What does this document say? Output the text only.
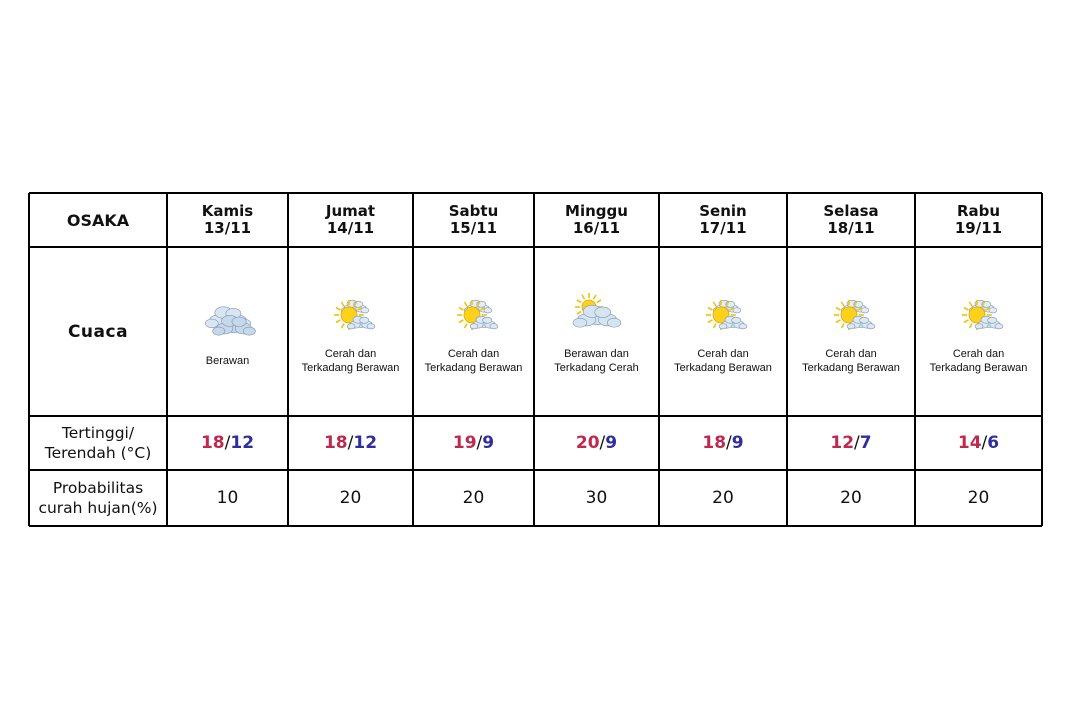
OSAKA
Cuaca
Tertinggi/
Terendah (°C)
Probabilitas
curah hujan(%)
Kamis
13/11
Berawan

18/12
10
Jumat
14/11
Cerah dan
Terkadang Berawan
18/12
20
Sabtu
15/11
Cerah dan
Terkadang Berawan
19/9
20
Minggu
16/11
Berawan dan
Terkadang Cerah
20/9
30
Senin
17/11
Cerah dan
Terkadang Berawan
18/9
20
Selasa
18/11
Cerah dan
Terkadang Berawan
12/7
20
Rabu
19/11
Cerah dan
Terkadang Berawan
14/6
20
